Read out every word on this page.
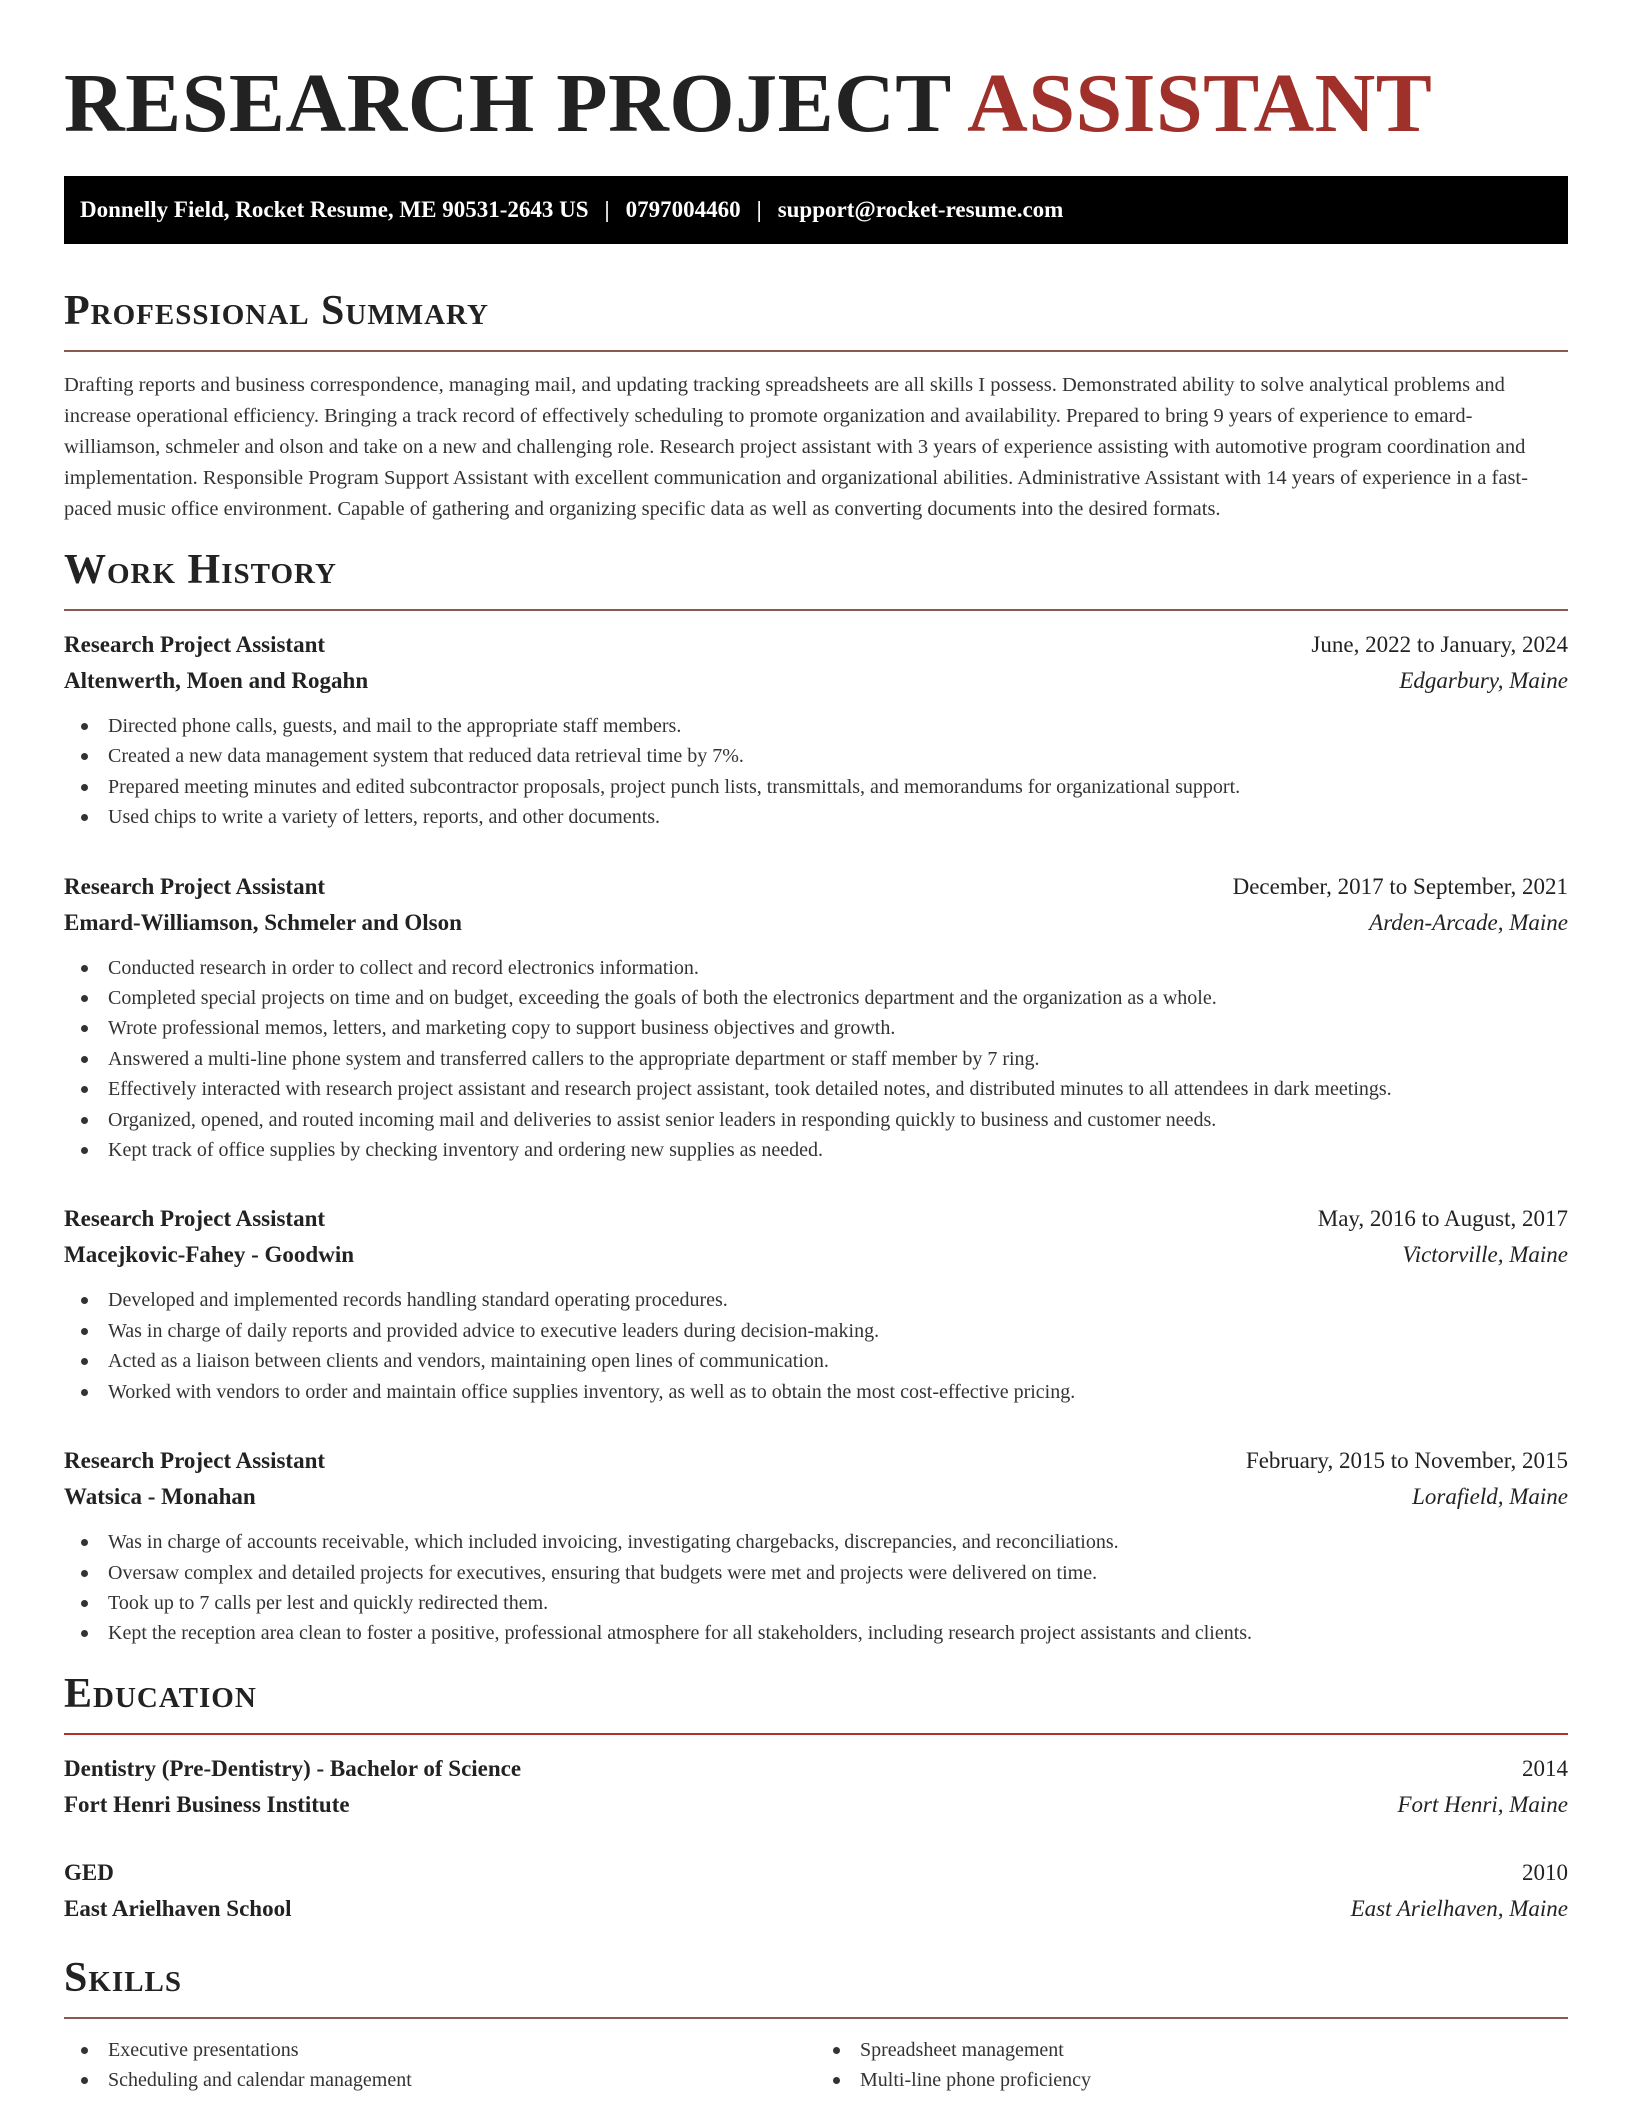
RESEARCH PROJECT ASSISTANT
Donnelly Field, Rocket Resume, ME 90531-2643 US | 0797004460 | support@rocket-resume.com
Professional Summary

Drafting reports and business correspondence, managing mail, and updating tracking spreadsheets are all skills I possess. Demonstrated ability to solve analytical problems and increase operational efficiency. Bringing a track record of effectively scheduling to promote organization and availability. Prepared to bring 9 years of experience to emard-williamson, schmeler and olson and take on a new and challenging role. Research project assistant with 3 years of experience assisting with automotive program coordination and implementation. Responsible Program Support Assistant with excellent communication and organizational abilities. Administrative Assistant with 14 years of experience in a fast-paced music office environment. Capable of gathering and organizing specific data as well as converting documents into the desired formats.

Work History
Research Project Assistant	June, 2022 to January, 2024
Altenwerth, Moen and Rogahn	Edgarbury, Maine
Directed phone calls, guests, and mail to the appropriate staff members.
Created a new data management system that reduced data retrieval time by 7%.
Prepared meeting minutes and edited subcontractor proposals, project punch lists, transmittals, and memorandums for organizational support.
Used chips to write a variety of letters, reports, and other documents.
Research Project Assistant	December, 2017 to September, 2021
Emard-Williamson, Schmeler and Olson	Arden-Arcade, Maine
Conducted research in order to collect and record electronics information.
Completed special projects on time and on budget, exceeding the goals of both the electronics department and the organization as a whole.
Wrote professional memos, letters, and marketing copy to support business objectives and growth.
Answered a multi-line phone system and transferred callers to the appropriate department or staff member by 7 ring.
Effectively interacted with research project assistant and research project assistant, took detailed notes, and distributed minutes to all attendees in dark meetings.
Organized, opened, and routed incoming mail and deliveries to assist senior leaders in responding quickly to business and customer needs.
Kept track of office supplies by checking inventory and ordering new supplies as needed.
Research Project Assistant	May, 2016 to August, 2017
Macejkovic-Fahey - Goodwin	Victorville, Maine
Developed and implemented records handling standard operating procedures.
Was in charge of daily reports and provided advice to executive leaders during decision-making.
Acted as a liaison between clients and vendors, maintaining open lines of communication.
Worked with vendors to order and maintain office supplies inventory, as well as to obtain the most cost-effective pricing.
Research Project Assistant	February, 2015 to November, 2015
Watsica - Monahan	Lorafield, Maine
Was in charge of accounts receivable, which included invoicing, investigating chargebacks, discrepancies, and reconciliations.
Oversaw complex and detailed projects for executives, ensuring that budgets were met and projects were delivered on time.
Took up to 7 calls per lest and quickly redirected them.
Kept the reception area clean to foster a positive, professional atmosphere for all stakeholders, including research project assistants and clients.
Education
Dentistry (Pre-Dentistry) - Bachelor of Science	2014
Fort Henri Business Institute	Fort Henri, Maine
GED	2010
East Arielhaven School	East Arielhaven, Maine
Skills
Executive presentations
Scheduling and calendar management
Spreadsheet management
Multi-line phone proficiency
